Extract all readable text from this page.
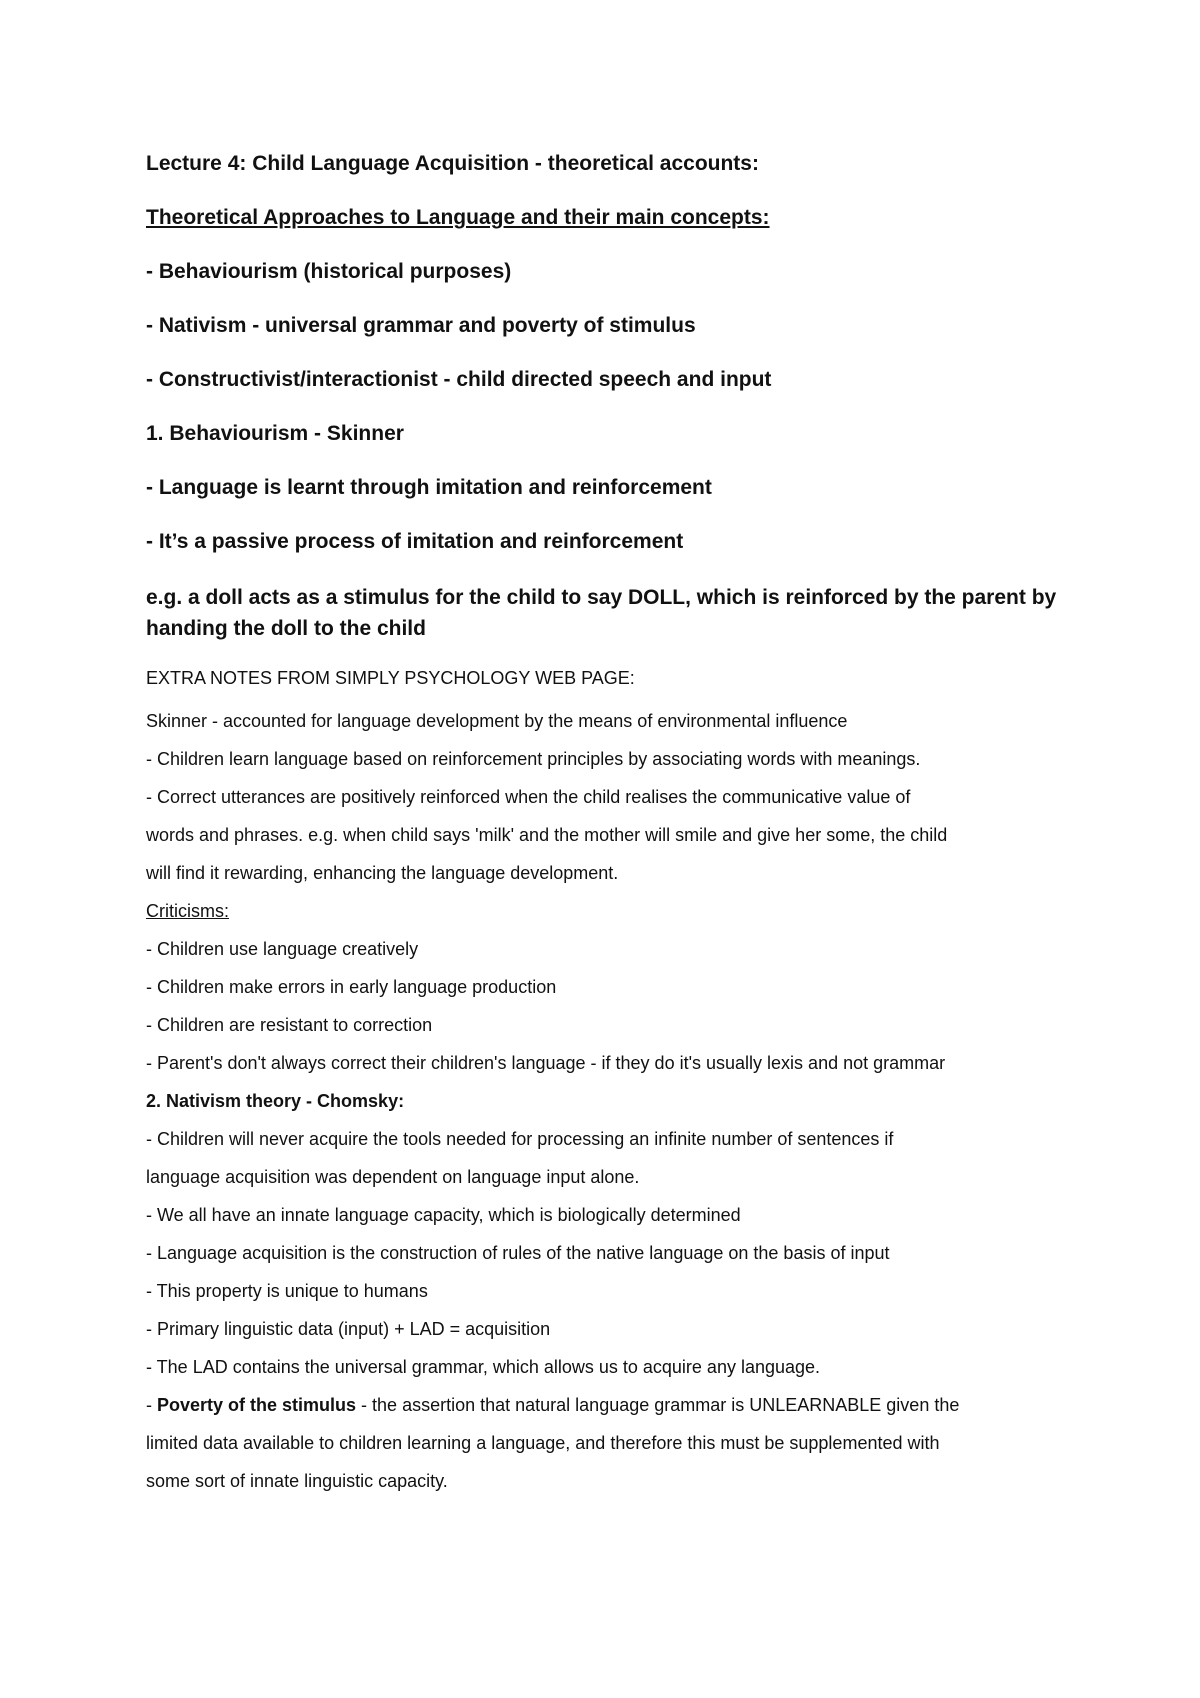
Lecture 4: Child Language Acquisition - theoretical accounts:

Theoretical Approaches to Language and their main concepts:

- Behaviourism (historical purposes)

- Nativism - universal grammar and poverty of stimulus

- Constructivist/interactionist - child directed speech and input

1. Behaviourism - Skinner

- Language is learnt through imitation and reinforcement

- It’s a passive process of imitation and reinforcement

e.g. a doll acts as a stimulus for the child to say DOLL, which is reinforced by the parent by
handing the doll to the child

EXTRA NOTES FROM SIMPLY PSYCHOLOGY WEB PAGE:

Skinner - accounted for language development by the means of environmental influence

- Children learn language based on reinforcement principles by associating words with meanings.

- Correct utterances are positively reinforced when the child realises the communicative value of

words and phrases. e.g. when child says 'milk' and the mother will smile and give her some, the child

will find it rewarding, enhancing the language development.

Criticisms:

- Children use language creatively

- Children make errors in early language production

- Children are resistant to correction

- Parent's don't always correct their children's language - if they do it's usually lexis and not grammar

2. Nativism theory - Chomsky:

- Children will never acquire the tools needed for processing an infinite number of sentences if

language acquisition was dependent on language input alone.

- We all have an innate language capacity, which is biologically determined

- Language acquisition is the construction of rules of the native language on the basis of input

- This property is unique to humans

- Primary linguistic data (input) + LAD = acquisition

- The LAD contains the universal grammar, which allows us to acquire any language.

- Poverty of the stimulus - the assertion that natural language grammar is UNLEARNABLE given the

limited data available to children learning a language, and therefore this must be supplemented with

some sort of innate linguistic capacity.
